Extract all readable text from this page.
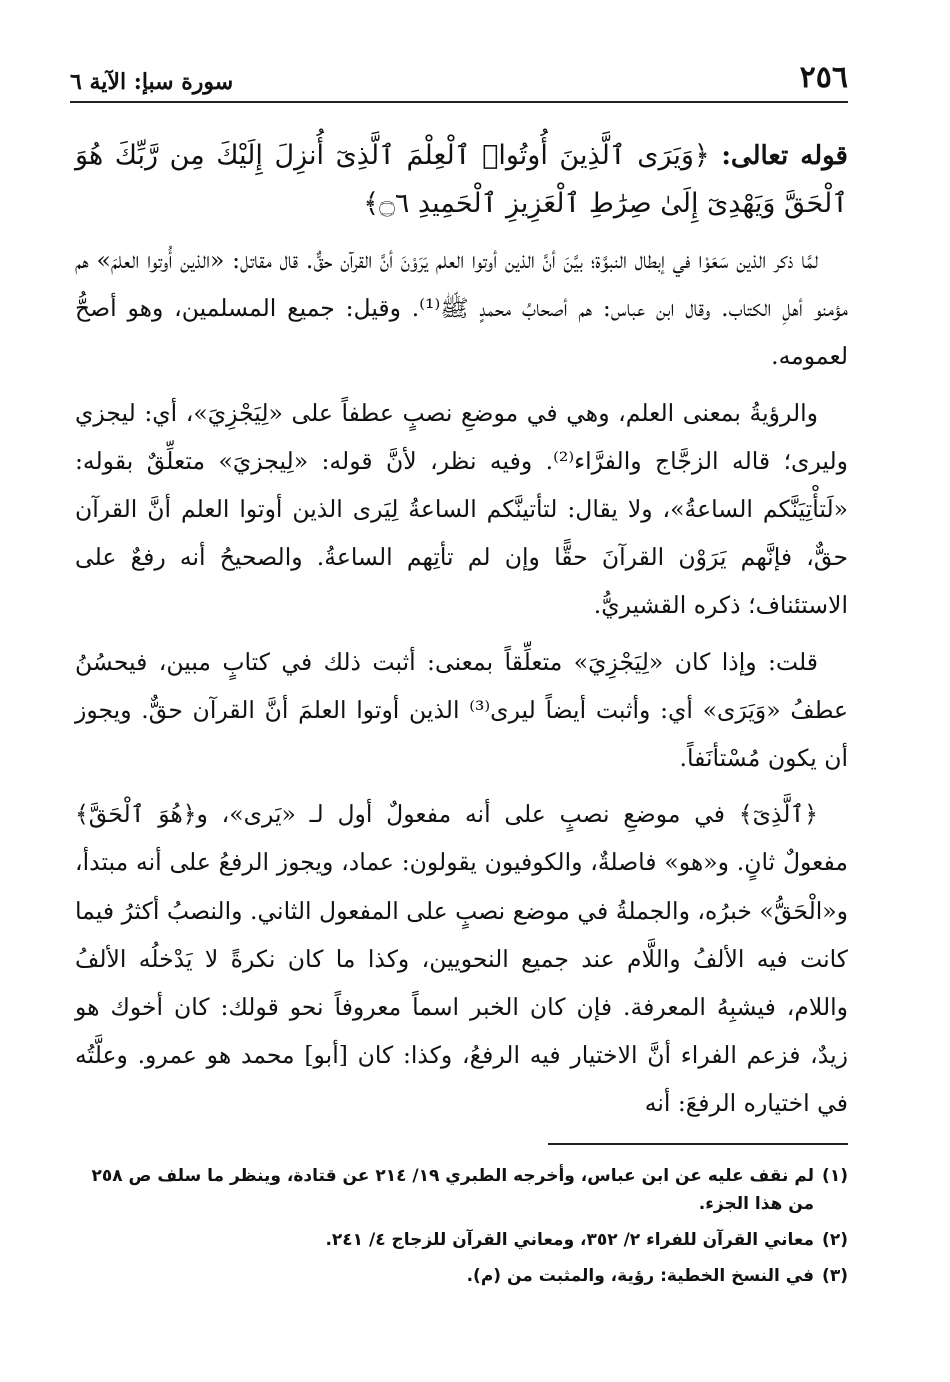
٢٥٦
سورة سبإ: الآية ٦
قوله تعالى: ﴿وَيَرَى ٱلَّذِينَ أُوتُوا۟ ٱلْعِلْمَ ٱلَّذِىٓ أُنزِلَ إِلَيْكَ مِن رَّبِّكَ هُوَ ٱلْحَقَّ وَيَهْدِىٓ إِلَىٰ صِرَٰطِ ٱلْعَزِيزِ ٱلْحَمِيدِ ۝٦﴾

لمَّا ذكر الذين سَعَوْا في إبطال النبوَّة؛ بيَّنَ أنَّ الذين أوتوا العلم يَرَوْنَ أنَّ القرآن حقٌّ. قال مقاتل: «الذين أُوتوا العلمَ» هم مؤمنو أهلِ الكتاب. وقال ابن عباس: هم أصحابُ محمدٍ ﷺ⁽¹⁾. وقيل: جميع المسلمين، وهو أصحُّ لعمومه.

والرؤيةُ بمعنى العلم، وهي في موضعِ نصبٍ عطفاً على «لِيَجْزِيَ»، أي: ليجزي وليرى؛ قاله الزجَّاج والفرَّاء⁽²⁾. وفيه نظر، لأنَّ قوله: «لِيجزيَ» متعلِّقٌ بقوله: «لَتأْتِيَنَّكم الساعةُ»، ولا يقال: لتأتينَّكم الساعةُ لِيَرى الذين أوتوا العلم أنَّ القرآن حقٌّ، فإنَّهم يَرَوْن القرآنَ حقًّا وإن لم تأتِهم الساعةُ. والصحيحُ أنه رفعٌ على الاستئناف؛ ذكره القشيريُّ.

قلت: وإذا كان «لِيَجْزِيَ» متعلِّقاً بمعنى: أثبت ذلك في كتابٍ مبين، فيحسُنُ عطفُ «وَيَرَى» أي: وأثبت أيضاً ليرى⁽³⁾ الذين أوتوا العلمَ أنَّ القرآن حقٌّ. ويجوز أن يكون مُسْتأنَفاً.

﴿ٱلَّذِىٓ﴾ في موضعِ نصبٍ على أنه مفعولٌ أول لـ «يَرى»، و﴿هُوَ ٱلْحَقَّ﴾ مفعولٌ ثانٍ. و«هو» فاصلةٌ، والكوفيون يقولون: عماد، ويجوز الرفعُ على أنه مبتدأ، و«الْحَقُّ» خبرُه، والجملةُ في موضع نصبٍ على المفعول الثاني. والنصبُ أكثرُ فيما كانت فيه الألفُ واللَّام عند جميع النحويين، وكذا ما كان نكرةً لا يَدْخلُه الألفُ واللام، فيشبِهُ المعرفة. فإن كان الخبر اسماً معروفاً نحو قولك: كان أخوك هو زيدٌ، فزعم الفراء أنَّ الاختيار فيه الرفعُ، وكذا: كان [أبو] محمد هو عمرو. وعلَّتُه في اختياره الرفعَ: أنه

(١)
لم نقف عليه عن ابن عباس، وأخرجه الطبري ١٩/ ٢١٤ عن قتادة، وينظر ما سلف ص ٢٥٨ من هذا الجزء.
(٢)
معاني القرآن للفراء ٢/ ٣٥٢، ومعاني القرآن للزجاج ٤/ ٢٤١.
(٣)
في النسخ الخطية: رؤية، والمثبت من (م).
